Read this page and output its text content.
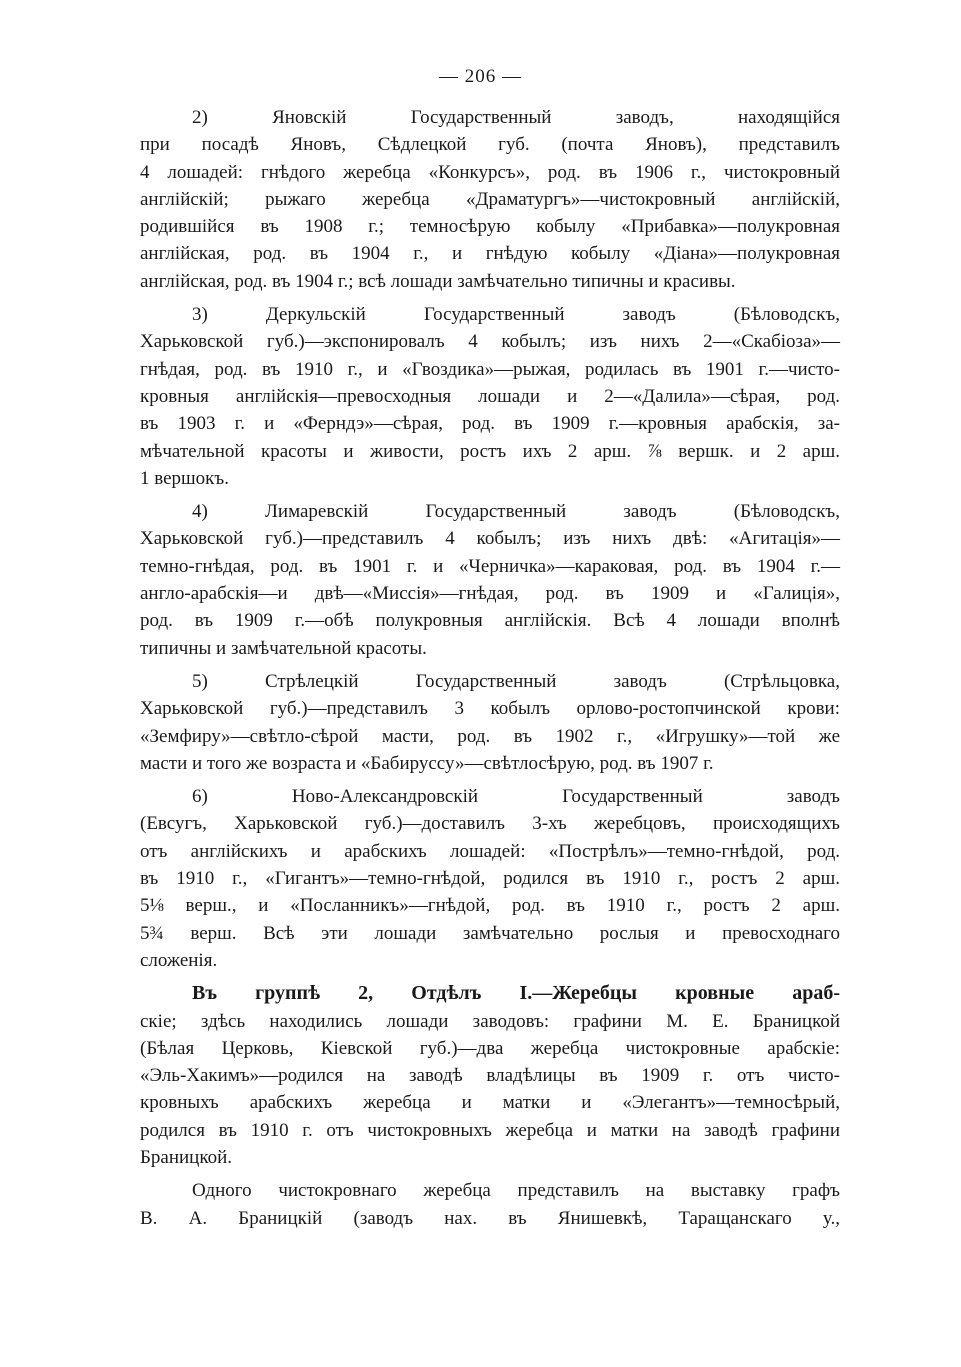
— 206 —
2) Яновскій Государственный заводъ, находящійся
при посадѣ Яновъ, Сѣдлецкой губ. (почта Яновъ), представилъ
4 лошадей: гнѣдого жеребца «Конкурсъ», род. въ 1906 г., чистокровный
англійскій; рыжаго жеребца «Драматургъ»—чистокровный англійскій,
родившійся въ 1908 г.; темносѣрую кобылу «Прибавка»—полукровная
англійская, род. въ 1904 г., и гнѣдую кобылу «Діана»—полукровная
англійская, род. въ 1904 г.; всѣ лошади замѣчательно типичны и красивы.
3) Деркульскій Государственный заводъ (Бѣловодскъ,
Харьковской губ.)—экспонировалъ 4 кобылъ; изъ нихъ 2—«Скабіоза»—
гнѣдая, род. въ 1910 г., и «Гвоздика»—рыжая, родилась въ 1901 г.—чисто-
кровныя англійскія—превосходныя лошади и 2—«Далила»—сѣрая, род.
въ 1903 г. и «Ферндэ»—сѣрая, род. въ 1909 г.—кровныя арабскія, за-
мѣчательной красоты и живости, ростъ ихъ 2 арш. ⅞ вершк. и 2 арш.
1 вершокъ.
4) Лимаревскій Государственный заводъ (Бѣловодскъ,
Харьковской губ.)—представилъ 4 кобылъ; изъ нихъ двѣ: «Агитація»—
темно-гнѣдая, род. въ 1901 г. и «Черничка»—караковая, род. въ 1904 г.—
англо-арабскія—и двѣ—«Миссія»—гнѣдая, род. въ 1909 и «Галиція»,
род. въ 1909 г.—обѣ полукровныя англійскія. Всѣ 4 лошади вполнѣ
типичны и замѣчательной красоты.
5) Стрѣлецкій Государственный заводъ (Стрѣльцовка,
Харьковской губ.)—представилъ 3 кобылъ орлово-ростопчинской крови:
«Земфиру»—свѣтло-сѣрой масти, род. въ 1902 г., «Игрушку»—той же
масти и того же возраста и «Бабируссу»—свѣтлосѣрую, род. въ 1907 г.
6) Ново-Александровскій Государственный заводъ
(Евсугъ, Харьковской губ.)—доставилъ 3-хъ жеребцовъ, происходящихъ
отъ англійскихъ и арабскихъ лошадей: «Пострѣлъ»—темно-гнѣдой, род.
въ 1910 г., «Гигантъ»—темно-гнѣдой, родился въ 1910 г., ростъ 2 арш.
5⅛ верш., и «Посланникъ»—гнѣдой, род. въ 1910 г., ростъ 2 арш.
5¾ верш. Всѣ эти лошади замѣчательно рослыя и превосходнаго
сложенія.
Въ группѣ 2, Отдѣлъ I.—Жеребцы кровные араб-
скіе; здѣсь находились лошади заводовъ: графини М. Е. Браницкой
(Бѣлая Церковь, Кіевской губ.)—два жеребца чистокровные арабскіе:
«Эль-Хакимъ»—родился на заводѣ владѣлицы въ 1909 г. отъ чисто-
кровныхъ арабскихъ жеребца и матки и «Элегантъ»—темносѣрый,
родился въ 1910 г. отъ чистокровныхъ жеребца и матки на заводѣ графини
Браницкой.
Одного чистокровнаго жеребца представилъ на выставку графъ
В. А. Браницкій (заводъ нах. въ Янишевкѣ, Таращанскаго у.,
